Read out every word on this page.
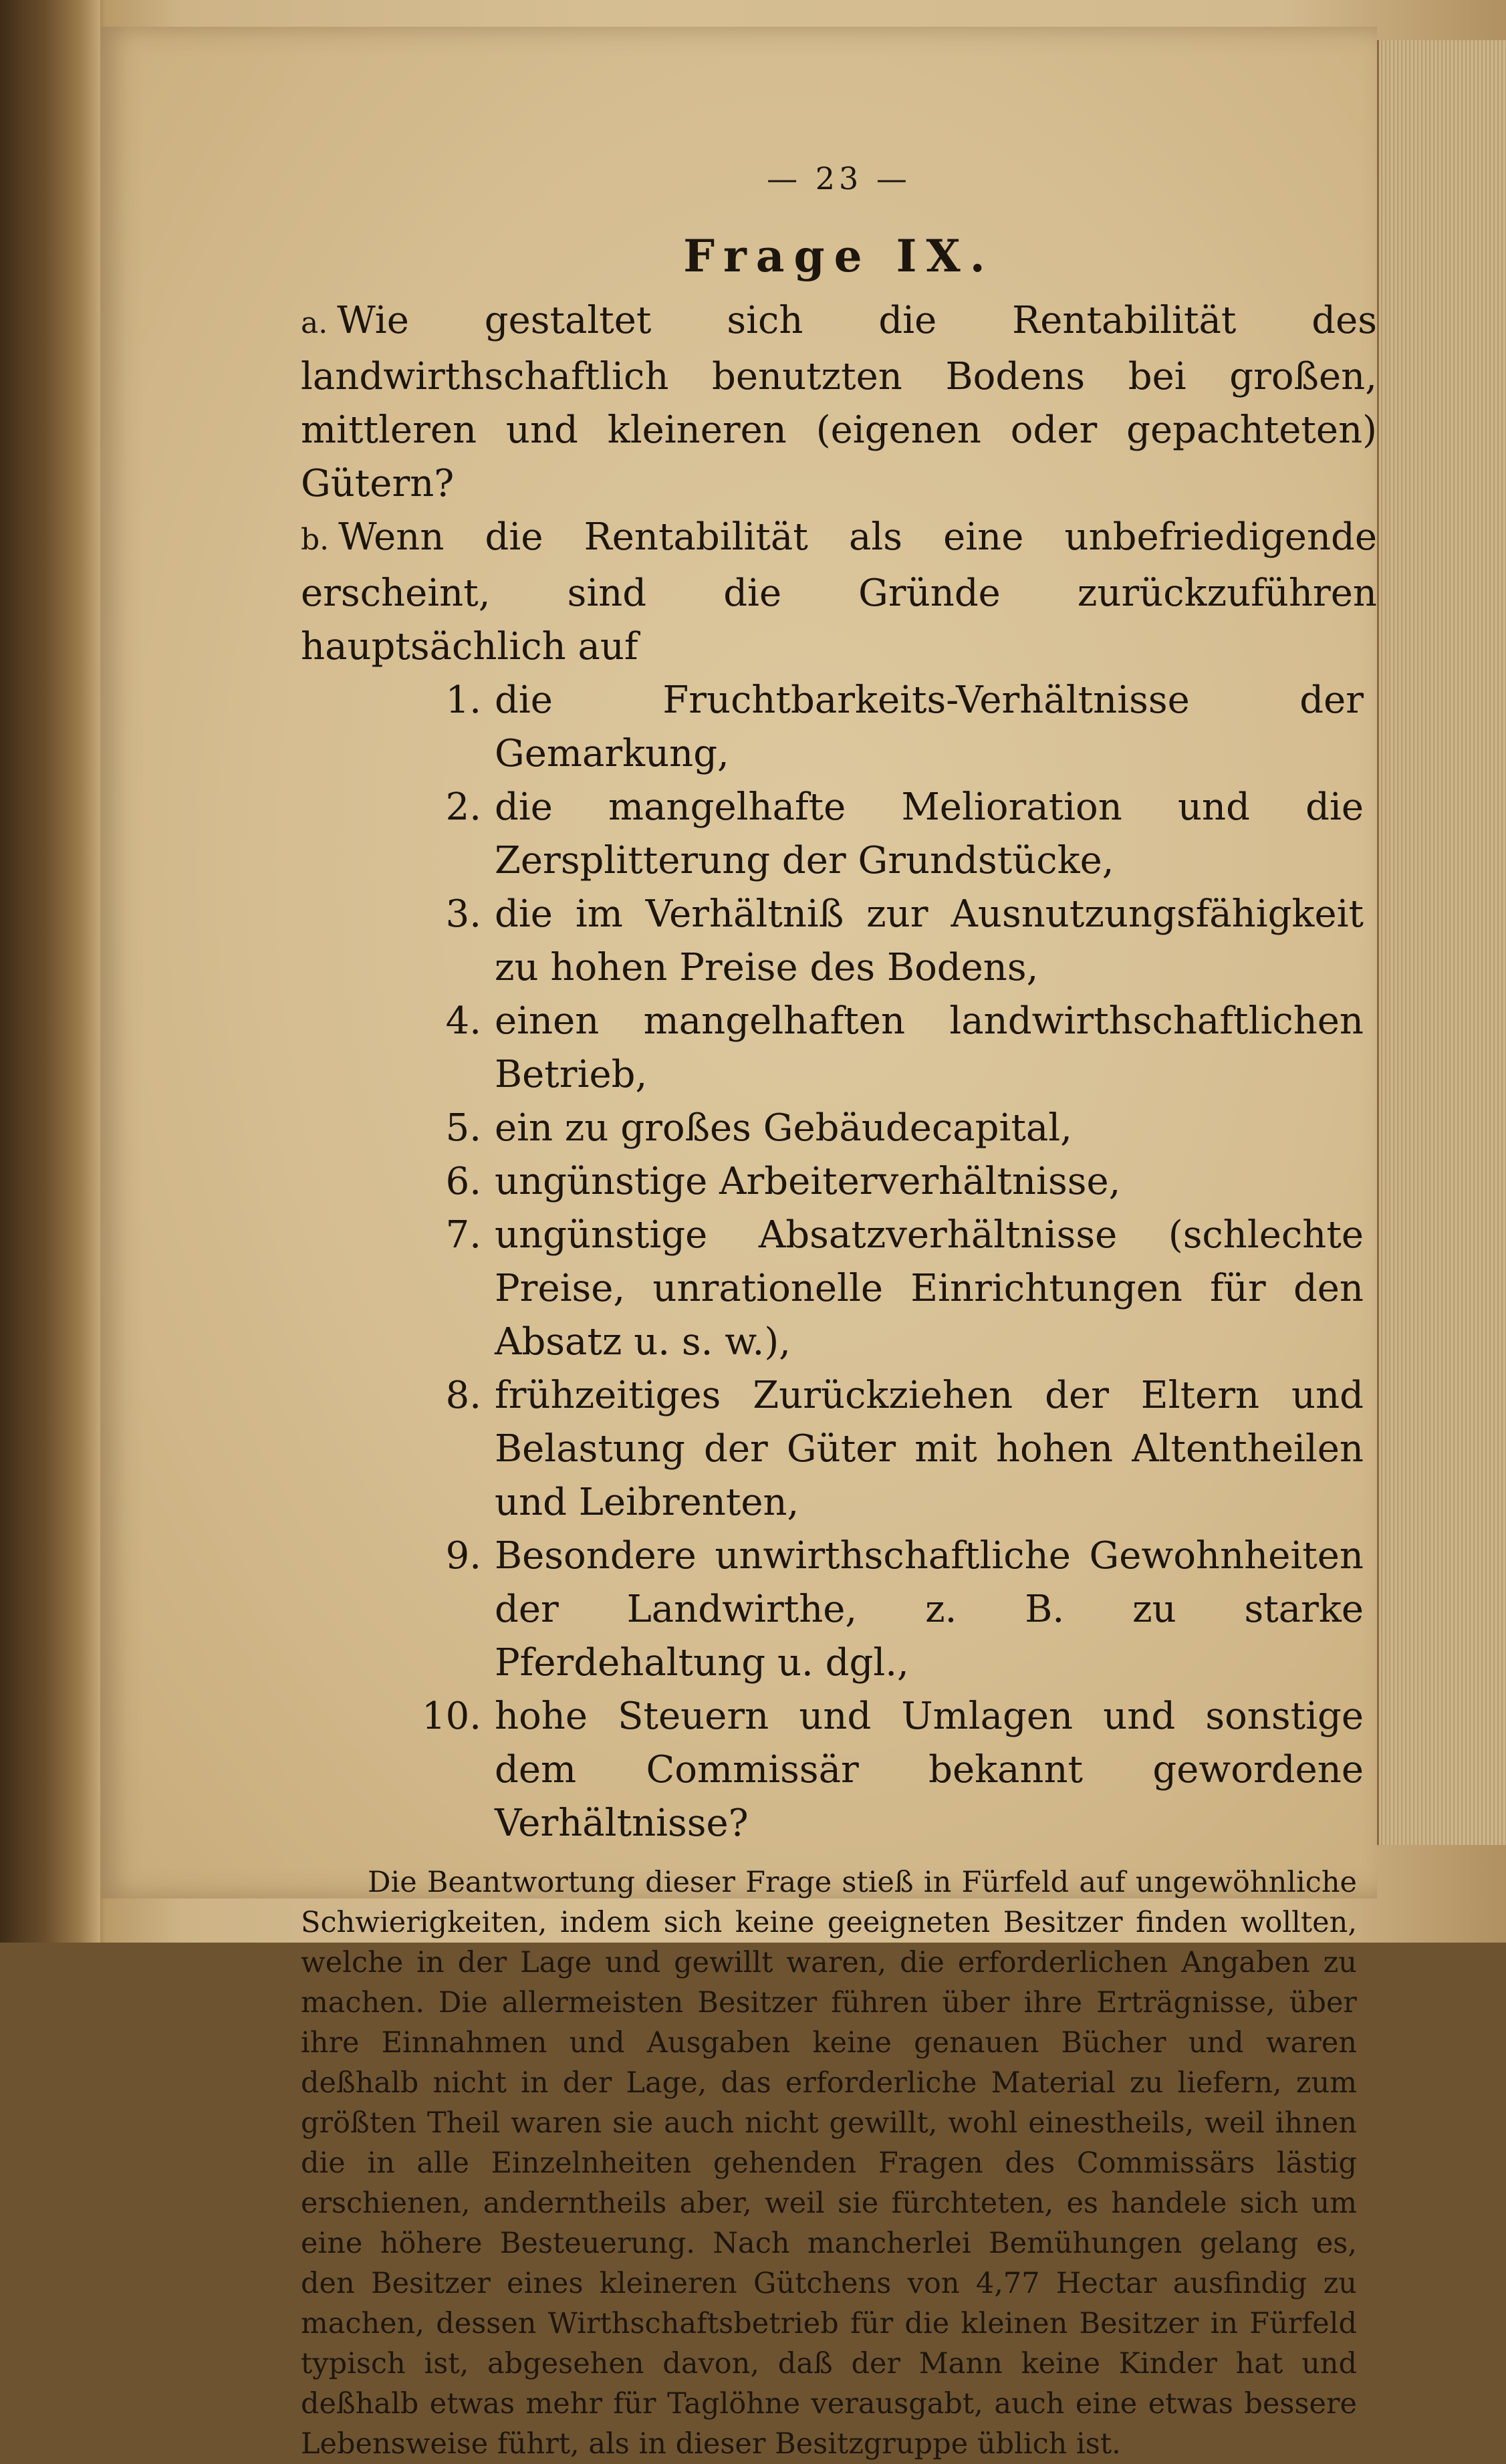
— 23 —
Frage IX.

a. Wie gestaltet sich die Rentabilität des landwirthschaftlich benutzten Bodens bei großen, mittleren und kleineren (eigenen oder gepachteten) Gütern?

b. Wenn die Rentabilität als eine unbefriedigende erscheint, sind die Gründe zurückzuführen hauptsächlich auf

1. die Fruchtbarkeits-Verhältnisse der Gemarkung,
2. die mangelhafte Melioration und die Zersplitterung der Grundstücke,
3. die im Verhältniß zur Ausnutzungsfähigkeit zu hohen Preise des Bodens,
4. einen mangelhaften landwirthschaftlichen Betrieb,
5. ein zu großes Gebäudecapital,
6. ungünstige Arbeiterverhältnisse,
7. ungünstige Absatzverhältnisse (schlechte Preise, unrationelle Einrichtungen für den Absatz u. s. w.),
8. frühzeitiges Zurückziehen der Eltern und Belastung der Güter mit hohen Altentheilen und Leibrenten,
9. Besondere unwirthschaftliche Gewohnheiten der Landwirthe, z. B. zu starke Pferdehaltung u. dgl.,
10. hohe Steuern und Umlagen und sonstige dem Commissär bekannt gewordene Verhältnisse?

Die Beantwortung dieser Frage stieß in Fürfeld auf ungewöhnliche Schwierigkeiten, indem sich keine geeigneten Besitzer finden wollten, welche in der Lage und gewillt waren, die erforderlichen Angaben zu machen. Die allermeisten Besitzer führen über ihre Erträgnisse, über ihre Einnahmen und Ausgaben keine genauen Bücher und waren deßhalb nicht in der Lage, das erforderliche Material zu liefern, zum größten Theil waren sie auch nicht gewillt, wohl einestheils, weil ihnen die in alle Einzelnheiten gehenden Fragen des Commissärs lästig erschienen, anderntheils aber, weil sie fürchteten, es handele sich um eine höhere Besteuerung. Nach mancherlei Bemühungen gelang es, den Besitzer eines kleineren Gütchens von 4,77 Hectar ausfindig zu machen, dessen Wirthschaftsbetrieb für die kleinen Besitzer in Fürfeld typisch ist, abgesehen davon, daß der Mann keine Kinder hat und deßhalb etwas mehr für Taglöhne verausgabt, auch eine etwas bessere Lebensweise führt, als in dieser Besitzgruppe üblich ist.
